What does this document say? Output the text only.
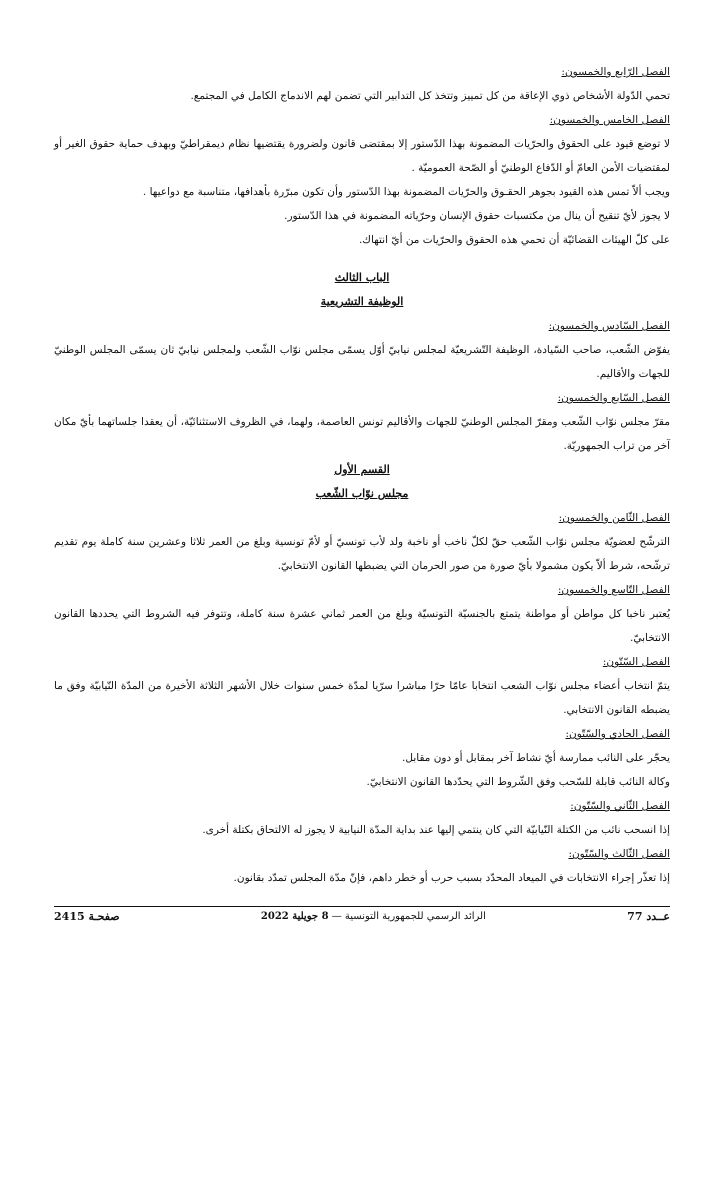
الفصل الرّابع والخمسون:
تحمي الدّولة الأشخاص ذوي الإعاقة من كل تمييز وتتخذ كل التدابير التي تضمن لهم الاندماج الكامل في المجتمع.
الفصل الخامس والخمسون:
لا توضع قيود على الحقوق والحرّيات المضمونة بهذا الدّستور إلا بمقتضى قانون ولضرورة يقتضيها نظام ديمقراطيّ وبهدف حماية حقوق الغير أو لمقتضيات الأمن العامّ أو الدّفاع الوطنيّ أو الصّحة العموميّة .
ويجب ألاّ تمس هذه القيود بجوهر الحقـوق والحرّيات المضمونة بهذا الدّستور وأن تكون مبرّرة بأهدافها، متناسبة مع دواعيها .
لا يجوز لأيّ تنقيح أن ينال من مكتسبات حقوق الإنسان وحرّياته المضمونة في هذا الدّستور.
على كلّ الهيئات القضائيّة أن تحمي هذه الحقوق والحرّيات من أيّ انتهاك.
الباب الثالث
الوظيفة التشريعية
الفصل السّادس والخمسون:
يفوّض الشّعب، صاحب السّيادة، الوظيفة التّشريعيّة لمجلس نيابيّ أوّل يسمّى مجلس نوّاب الشّعب ولمجلس نيابيّ ثان يسمّى المجلس الوطنيّ للجهات والأقاليم.
الفصل السّابع والخمسون:
مقرّ مجلس نوّاب الشّعب ومقرّ المجلس الوطنيّ للجهات والأقاليم تونس العاصمة، ولهما، في الظروف الاستثنائيّة، أن يعقدا جلساتهما بأيّ مكان آخر من تراب الجمهوريّة.
القسم الأول
مجلس نوّاب الشّعب
الفصل الثّامن والخمسون:
الترشّح لعضويّة مجلس نوّاب الشّعب حقّ لكلّ ناخب أو ناخبة ولد لأب تونسيّ أو لأمّ تونسية وبلغ من العمر ثلاثا وعشرين سنة كاملة يوم تقديم ترشّحه، شرط ألاّ يكون مشمولا بأيّ صورة من صور الحرمان التي يضبطها القانون الانتخابيّ.
الفصل التّاسع والخمسون:
يُعتبر ناخبا كل مواطن أو مواطنة يتمتع بالجنسيّة التونسيّة وبلغ من العمر ثماني عشرة سنة كاملة، وتتوفر فيه الشروط التي يحددها القانون الانتخابيّ.
الفصل السّتّون:
يتمّ انتخاب أعضاء مجلس نوّاب الشعب انتخابا عامّا حرّا مباشرا سرّيا لمدّة خمس سنوات خلال الأشهر الثلاثة الأخيرة من المدّة النّيابيّة وفق ما يضبطه القانون الانتخابي.
الفصل الحادي والسّتّون:
يحجّر على النائب ممارسة أيّ نشاط آخر بمقابل أو دون مقابل.
وكالة النائب قابلة للسّحب وفق الشّروط التي يحدّدها القانون الانتخابيّ.
الفصل الثّاني والسّتّون:
إذا انسحب نائب من الكتلة النّيابيّة التي كان ينتمي إليها عند بداية المدّة النيابية لا يجوز له الالتحاق بكتلة أخرى.
الفصل الثّالث والسّتّون:
إذا تعذّر إجراء الانتخابات في الميعاد المحدّد بسبب حرب أو خطر داهم، فإنّ مدّة المجلس تمدّد بقانون.
عــدد 77
الرائد الرسمي للجمهورية التونسية — 8 جويلية 2022
صفحـة 2415
